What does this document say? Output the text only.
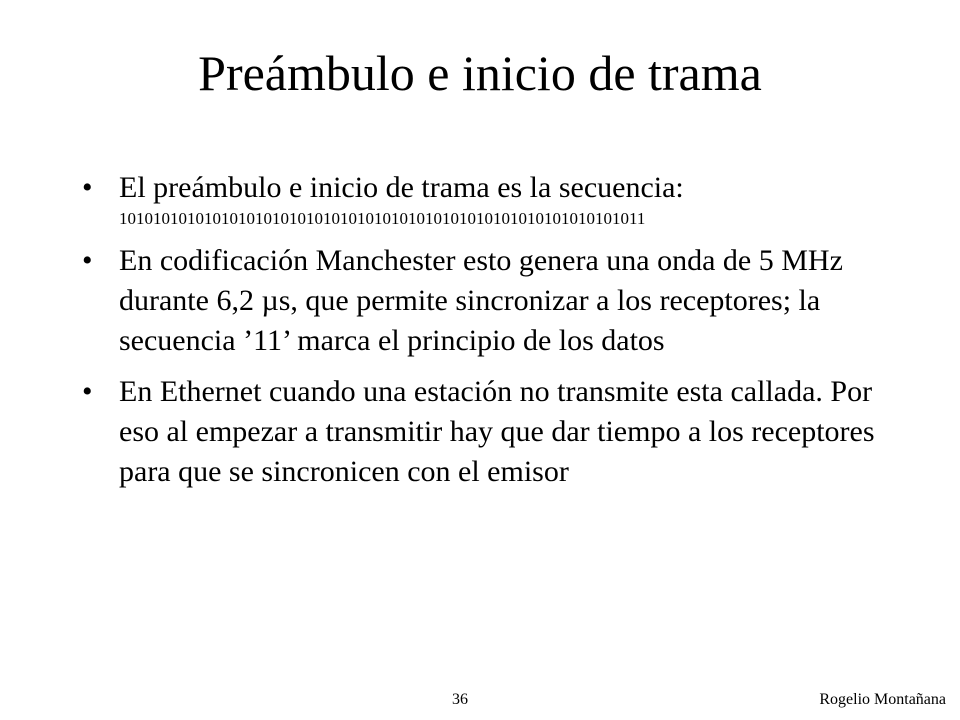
Preámbulo e inicio de trama
• El preámbulo e inicio de trama es la secuencia:
10101010101010101010101010101010101010101010101010101010101011
• En codificación Manchester esto genera una onda de 5 MHz durante 6,2 µs, que permite sincronizar a los receptores; la secuencia ’11’ marca el principio de los datos
• En Ethernet cuando una estación no transmite esta callada. Por eso al empezar a transmitir hay que dar tiempo a los receptores para que se sincronicen con el emisor
36	Rogelio Montañana
